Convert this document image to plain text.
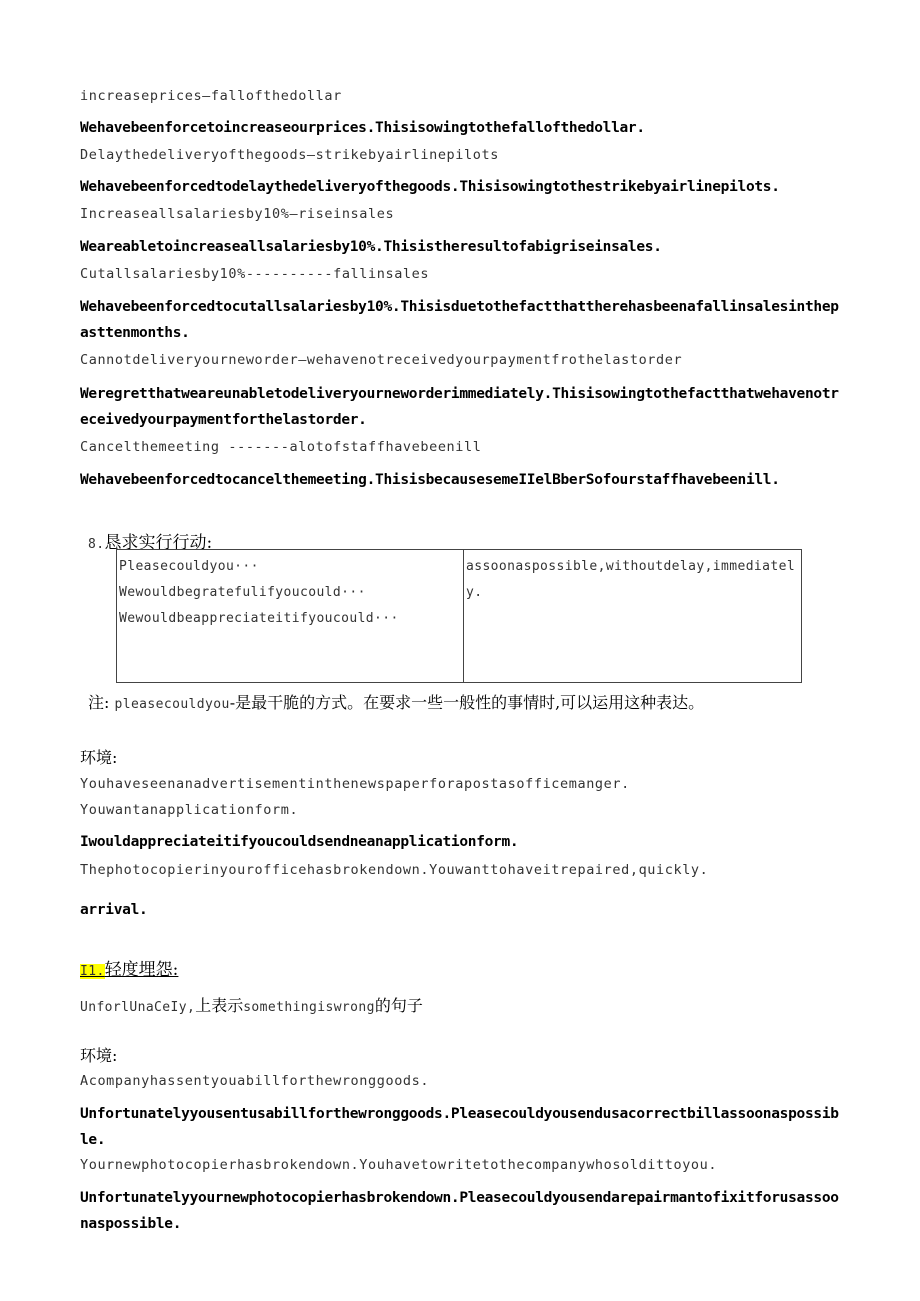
increaseprices—fallofthedollar
Wehavebeenforcetoincreaseourprices.Thisisowingtothefallofthedollar.
Delaythedeliveryofthegoods—strikebyairlinepilots
Wehavebeenforcedtodelaythedeliveryofthegoods.Thisisowingtothestrikebyairlinepilots.
Increaseallsalariesby10%—riseinsales
Weareabletoincreaseallsalariesby10%.Thisistheresultofabigriseinsales.
Cutallsalariesby10%----------fallinsales
Wehavebeenforcedtocutallsalariesby10%.Thisisduetothefactthattherehasbeenafallinsalesinthepasttenmonths.
Cannotdeliveryourneworder—wehavenotreceivedyourpaymentfrothelastorder
Weregretthatweareunabletodeliveryourneworderimmediately.Thisisowingtothefactthatwehavenotreceivedyourpaymentforthelastorder.
Cancelthemeeting -------alotofstaffhavebeenill
Wehavebeenforcedtocancelthemeeting.ThisisbecausesemeIIelBberSofourstaffhavebeenill.
8.恳求实行行动:
Pleasecouldyou···
Wewouldbegratefulifyoucould···
Wewouldbeappreciateitifyoucould···
	assoonaspossible,withoutdelay,immediately.
注: pleasecouldyou-是最干脆的方式。在要求一些一般性的事情时,可以运用这种表达。
环境:
Youhaveseenanadvertisementinthenewspaperforapostasofficemanger.
Youwantanapplicationform.
Iwouldappreciateitifyoucouldsendneanapplicationform.
Thephotocopierinyourofficehasbrokendown.Youwanttohaveitrepaired,quickly.
arrival.
I1.轻度埋怨:
UnforlUnaCeIy,上表示somethingiswrong的句子
环境:
Acompanyhassentyouabillforthewronggoods.
Unfortunatelyyousentusabillforthewronggoods.Pleasecouldyousendusacorrectbillassoonaspossible.
Yournewphotocopierhasbrokendown.Youhavetowritetothecompanywhosoldittoyou.
Unfortunatelyyournewphotocopierhasbrokendown.Pleasecouldyousendarepairmantofixitforusassoonaspossible.
